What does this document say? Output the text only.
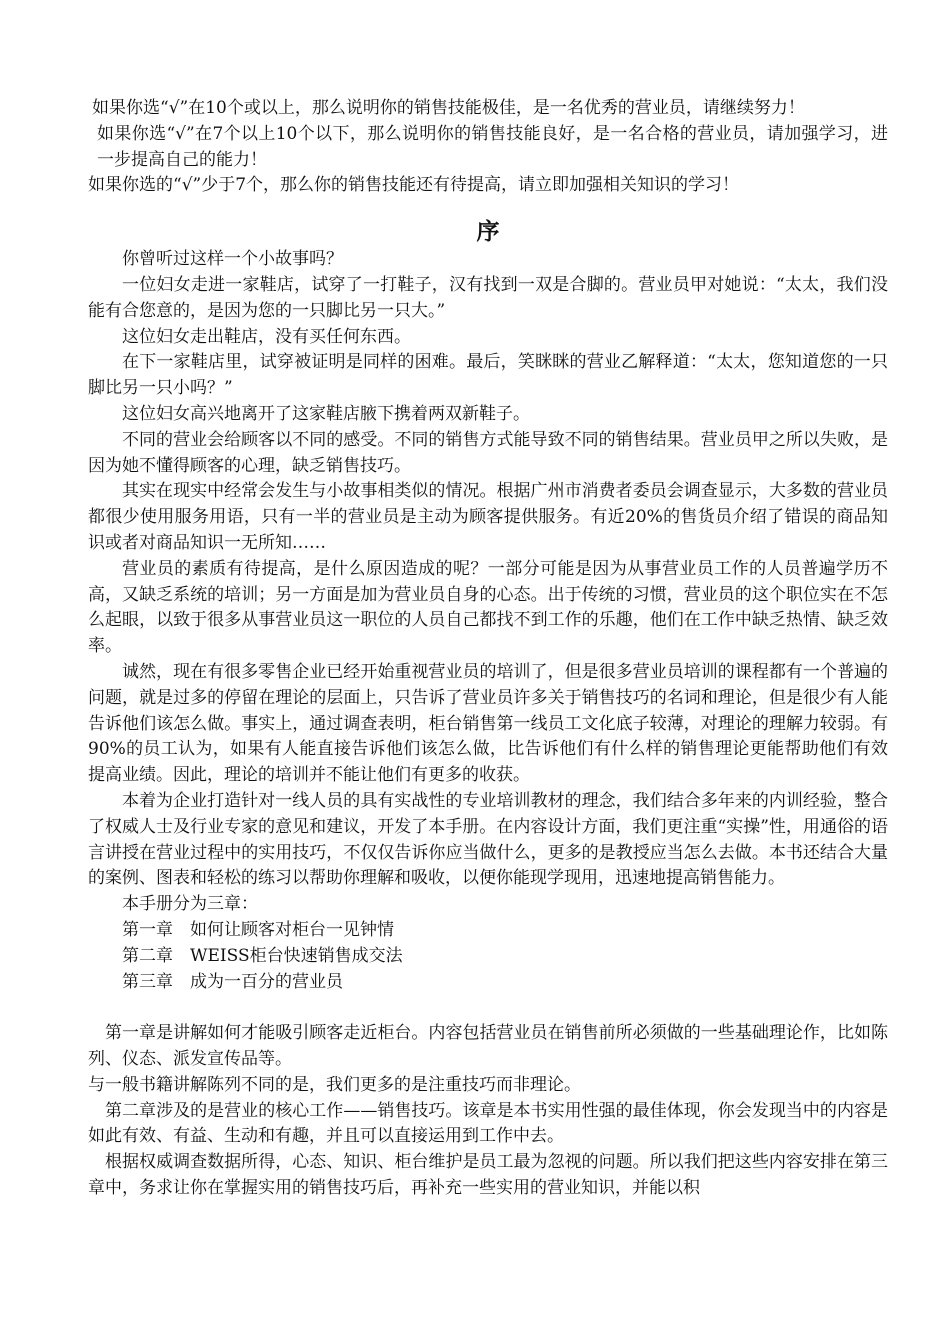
如果你选“√”在10个或以上，那么说明你的销售技能极佳，是一名优秀的营业员，请继续努力！

如果你选“√”在7个以上10个以下，那么说明你的销售技能良好，是一名合格的营业员，请加强学习，进一步提高自己的能力！

如果你选的“√”少于7个，那么你的销售技能还有待提高，请立即加强相关知识的学习！

序

你曾听过这样一个小故事吗？

一位妇女走进一家鞋店，试穿了一打鞋子，汉有找到一双是合脚的。营业员甲对她说：“太太，我们没能有合您意的，是因为您的一只脚比另一只大。”

这位妇女走出鞋店，没有买任何东西。

在下一家鞋店里，试穿被证明是同样的困难。最后，笑眯眯的营业乙解释道：“太太，您知道您的一只脚比另一只小吗？”

这位妇女高兴地离开了这家鞋店腋下携着两双新鞋子。

不同的营业会给顾客以不同的感受。不同的销售方式能导致不同的销售结果。营业员甲之所以失败，是因为她不懂得顾客的心理，缺乏销售技巧。

其实在现实中经常会发生与小故事相类似的情况。根据广州市消费者委员会调查显示，大多数的营业员都很少使用服务用语，只有一半的营业员是主动为顾客提供服务。有近20%的售货员介绍了错误的商品知识或者对商品知识一无所知……

营业员的素质有待提高，是什么原因造成的呢？一部分可能是因为从事营业员工作的人员普遍学历不高，又缺乏系统的培训；另一方面是加为营业员自身的心态。出于传统的习惯，营业员的这个职位实在不怎么起眼，以致于很多从事营业员这一职位的人员自己都找不到工作的乐趣，他们在工作中缺乏热情、缺乏效率。

诚然，现在有很多零售企业已经开始重视营业员的培训了，但是很多营业员培训的课程都有一个普遍的问题，就是过多的停留在理论的层面上，只告诉了营业员许多关于销售技巧的名词和理论，但是很少有人能告诉他们该怎么做。事实上，通过调查表明，柜台销售第一线员工文化底子较薄，对理论的理解力较弱。有90%的员工认为，如果有人能直接告诉他们该怎么做，比告诉他们有什么样的销售理论更能帮助他们有效提高业绩。因此，理论的培训并不能让他们有更多的收获。

本着为企业打造针对一线人员的具有实战性的专业培训教材的理念，我们结合多年来的内训经验，整合了权威人士及行业专家的意见和建议，开发了本手册。在内容设计方面，我们更注重“实操”性，用通俗的语言讲授在营业过程中的实用技巧，不仅仅告诉你应当做什么，更多的是教授应当怎么去做。本书还结合大量的案例、图表和轻松的练习以帮助你理解和吸收，以便你能现学现用，迅速地提高销售能力。

本手册分为三章：

第一章　如何让顾客对柜台一见钟情

第二章　WEISS柜台快速销售成交法

第三章　成为一百分的营业员

第一章是讲解如何才能吸引顾客走近柜台。内容包括营业员在销售前所必须做的一些基础理论作，比如陈列、仪态、派发宣传品等。

与一般书籍讲解陈列不同的是，我们更多的是注重技巧而非理论。

第二章涉及的是营业的核心工作——销售技巧。该章是本书实用性强的最佳体现，你会发现当中的内容是如此有效、有益、生动和有趣，并且可以直接运用到工作中去。

根据权威调查数据所得，心态、知识、柜台维护是员工最为忽视的问题。所以我们把这些内容安排在第三章中，务求让你在掌握实用的销售技巧后，再补充一些实用的营业知识，并能以积
